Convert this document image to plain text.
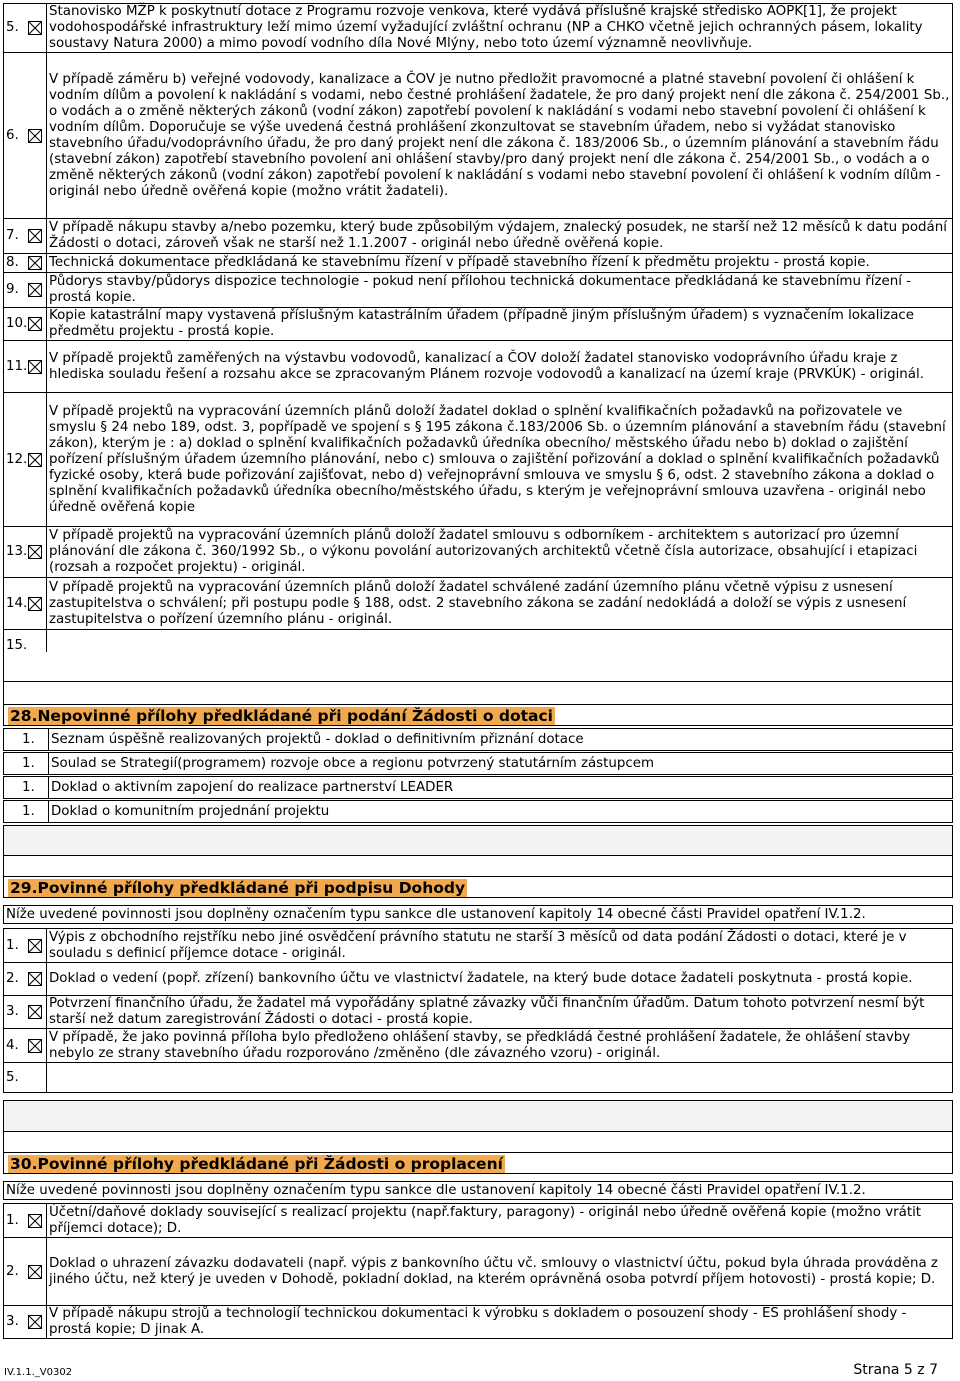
5.	Stanovisko MŽP k poskytnutí dotace z Programu rozvoje venkova, které vydává příslušné krajské středisko AOPK[1], že projekt vodohospodářské infrastruktury leží mimo území vyžadující zvláštní ochranu (NP a CHKO včetně jejich ochranných pásem, lokality soustavy Natura 2000) a mimo povodí vodního díla Nové Mlýny, nebo toto území významně neovlivňuje.

6.	V případě záměru b) veřejné vodovody, kanalizace a ČOV je nutno předložit pravomocné a platné stavební povolení či ohlášení k vodním dílům a povolení k nakládání s vodami, nebo čestné prohlášení žadatele, že pro daný projekt není dle zákona č. 254/2001 Sb., o vodách a o změně některých zákonů (vodní zákon) zapotřebí povolení k nakládání s vodami nebo stavební povolení či ohlášení k vodním dílům. Doporučuje se výše uvedená čestná prohlášení zkonzultovat se stavebním úřadem, nebo si vyžádat stanovisko stavebního úřadu/vodoprávního úřadu, že pro daný projekt není dle zákona č. 183/2006 Sb., o územním plánování a stavebním řádu (stavební zákon) zapotřebí stavebního povolení ani ohlášení stavby/pro daný projekt není dle zákona č. 254/2001 Sb., o vodách a o změně některých zákonů (vodní zákon) zapotřebí povolení k nakládání s vodami nebo stavební povolení či ohlášení k vodním dílům - originál nebo úředně ověřená kopie (možno vrátit žadateli).

7.	V případě nákupu stavby a/nebo pozemku, který bude způsobilým výdajem, znalecký posudek, ne starší než 12 měsíců k datu podání Žádosti o dotaci, zároveň však ne starší než 1.1.2007 - originál nebo úředně ověřená kopie.

8.	Technická dokumentace předkládaná ke stavebnímu řízení v případě stavebního řízení k předmětu projektu - prostá kopie.

9.	Půdorys stavby/půdorys dispozice technologie - pokud není přílohou technická dokumentace předkládaná ke stavebnímu řízení - prostá kopie.

10.	Kopie katastrální mapy vystavená příslušným katastrálním úřadem (případně jiným příslušným úřadem) s vyznačením lokalizace předmětu projektu - prostá kopie.

11.	V případě projektů zaměřených na výstavbu vodovodů, kanalizací a ČOV doloží žadatel stanovisko vodoprávního úřadu kraje z hlediska souladu řešení a rozsahu akce se zpracovaným Plánem rozvoje vodovodů a kanalizací na území kraje (PRVKÚK) - originál.

12.	V případě projektů na vypracování územních plánů doloží žadatel doklad o splnění kvalifikačních požadavků na pořizovatele ve smyslu § 24 nebo 189, odst. 3, popřípadě ve spojení s § 195 zákona č.183/2006 Sb. o územním plánování a stavebním řádu (stavební zákon), kterým je : a) doklad o splnění kvalifikačních požadavků úředníka obecního/ městského úřadu nebo b) doklad o zajištění pořízení příslušným úřadem územního plánování, nebo c) smlouva o zajištění pořizování a doklad o splnění kvalifikačních požadavků fyzické osoby, která bude pořizování zajišťovat, nebo d) veřejnoprávní smlouva ve smyslu § 6, odst. 2 stavebního zákona a doklad o splnění kvalifikačních požadavků úředníka obecního/městského úřadu, s kterým je veřejnoprávní smlouva uzavřena - originál nebo úředně ověřená kopie

13.	V případě projektů na vypracování územních plánů doloží žadatel smlouvu s odborníkem - architektem s autorizací pro územní plánování dle zákona č. 360/1992 Sb., o výkonu povolání autorizovaných architektů včetně čísla autorizace, obsahující i etapizaci (rozsah a rozpočet projektu) - originál.

14.	V případě projektů na vypracování územních plánů doloží žadatel schválené zadání územního plánu včetně výpisu z usnesení zastupitelstva o schválení; při postupu podle § 188, odst. 2 stavebního zákona se zadání nedokládá a doloží se výpis z usnesení zastupitelstva o pořízení územního plánu - originál.

15.	

28.Nepovinné přílohy předkládané při podání Žádosti o dotaci
1. Seznam úspěšně realizovaných projektů - doklad o definitivním přiznání dotace
1. Soulad se Strategií(programem) rozvoje obce a regionu potvrzený statutárním zástupcem
1. Doklad o aktivním zapojení do realizace partnerství LEADER
1. Doklad o komunitním projednání projektu
29.Povinné přílohy předkládané při podpisu Dohody
Níže uvedené povinnosti jsou doplněny označením typu sankce dle ustanovení kapitoly 14 obecné části Pravidel opatření IV.1.2.
1.	Výpis z obchodního rejstříku nebo jiné osvědčení právního statutu ne starší 3 měsíců od data podání Žádosti o dotaci, které je v souladu s definicí příjemce dotace - originál.

2.	Doklad o vedení (popř. zřízení) bankovního účtu ve vlastnictví žadatele, na který bude dotace žadateli poskytnuta - prostá kopie.

3.	Potvrzení finančního úřadu, že žadatel má vypořádány splatné závazky vůči finančním úřadům. Datum tohoto potvrzení nesmí být starší než datum zaregistrování Žádosti o dotaci - prostá kopie.

4.	V případě, že jako povinná příloha bylo předloženo ohlášení stavby, se předkládá čestné prohlášení žadatele, že ohlášení stavby nebylo ze strany stavebního úřadu rozporováno /změněno (dle závazného vzoru) - originál.

5.	

30.Povinné přílohy předkládané při Žádosti o proplacení
Níže uvedené povinnosti jsou doplněny označením typu sankce dle ustanovení kapitoly 14 obecné části Pravidel opatření IV.1.2.
1.	Účetní/daňové doklady související s realizací projektu (např.faktury, paragony) - originál nebo úředně ověřená kopie (možno vrátit příjemci dotace); D.

2.	Doklad o uhrazení závazku dodavateli (např. výpis z bankovního účtu vč. smlouvy o vlastnictví účtu, pokud byla úhrada provάděna z jiného účtu, než který je uveden v Dohodě, pokladní doklad, na kterém oprávněná osoba potvrdí příjem hotovosti) - prostá kopie; D.

3.	V případě nákupu strojů a technologií technickou dokumentaci k výrobku s dokladem o posouzení shody - ES prohlášení shody - prostá kopie; D jinak A.
IV.1.1._V0302	Strana 5 z 7
